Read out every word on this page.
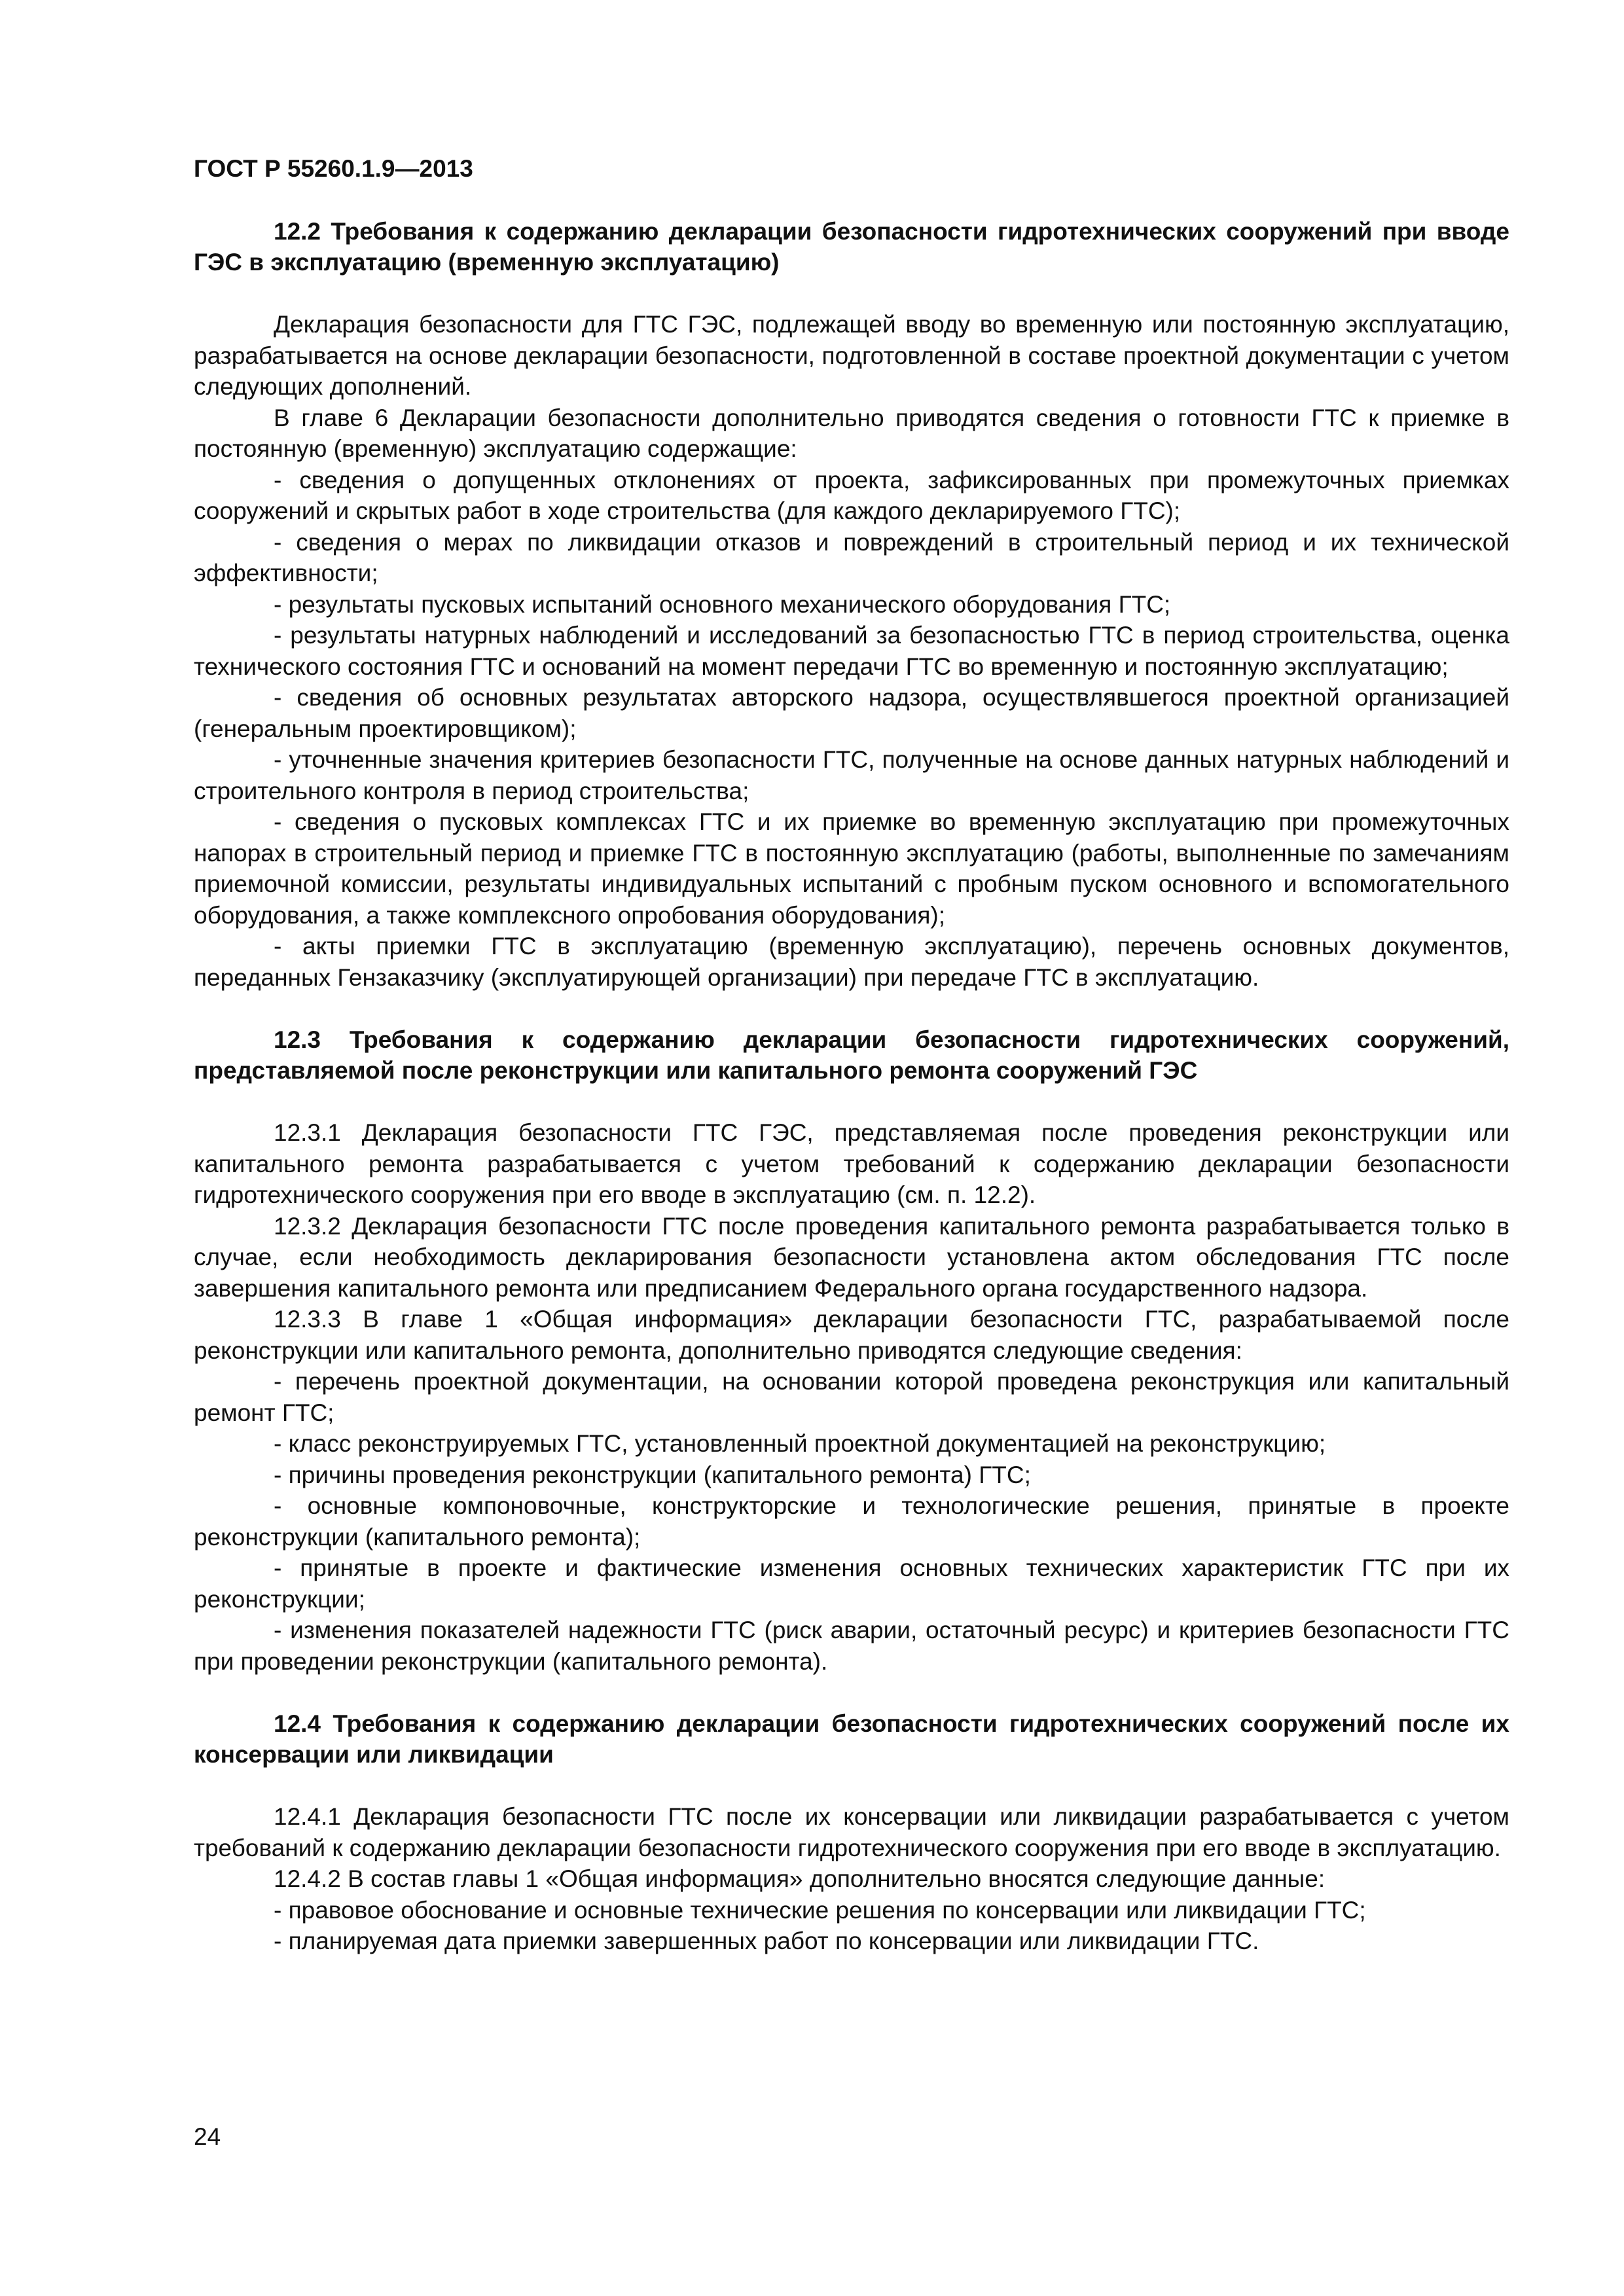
ГОСТ Р 55260.1.9—2013

12.2 Требования к содержанию декларации безопасности гидротехнических сооружений при вводе ГЭС в эксплуатацию (временную эксплуатацию)

Декларация безопасности для ГТС ГЭС, подлежащей вводу во временную или постоянную эксплуатацию, разрабатывается на основе декларации безопасности, подготовленной в составе проектной документации с учетом следующих дополнений.

В главе 6 Декларации безопасности дополнительно приводятся сведения о готовности ГТС к приемке в постоянную (временную) эксплуатацию содержащие:

- сведения о допущенных отклонениях от проекта, зафиксированных при промежуточных приемках сооружений и скрытых работ в ходе строительства (для каждого декларируемого ГТС);

- сведения о мерах по ликвидации отказов и повреждений в строительный период и их техническ​ой эффективности;

- результаты пусковых испытаний основного механического оборудования ГТС;

- результаты натурных наблюдений и исследований за безопасностью ГТС в период строительства, оценка технического состояния ГТС и оснований на момент передачи ГТС во временную и постоянную эксплуатацию;

- сведения об основных результатах авторского надзора, осуществлявшегося проектной организацией (генеральным проектировщиком);

- уточненные значения критериев безопасности ГТС, полученные на основе данных натурных наблюдений и строительного контроля в период строительства;

- сведения о пусковых комплексах ГТС и их приемке во временную эксплуатацию при промежуточных напорах в строительный период и приемке ГТС в постоянную эксплуатацию (работы, выполненные по замечаниям приемочной комиссии, результаты индивидуальных испытаний с пробным пуском основного и вспомогательного оборудования, а также комплексного опробования оборудования);

- акты приемки ГТС в эксплуатацию (временную эксплуатацию), перечень основных документов, переданных Гензаказчику (эксплуатирующей организации) при передаче ГТС в эксплуатацию.

12.3 Требования к содержанию декларации безопасности гидротехнических сооружений, представляемой после реконструкции или капитального ремонта сооружений ГЭС

12.3.1 Декларация безопасности ГТС ГЭС, представляемая после проведения реконструкции или капитального ремонта разрабатывается с учетом требований к содержанию декларации безопасности гидротехнического сооружения при его вводе в эксплуатацию (см. п. 12.2).

12.3.2 Декларация безопасности ГТС после проведения капитального ремонта разрабатывается только в случае, если необходимость декларирования безопасности установлена актом обследования ГТС после завершения капитального ремонта или предписанием Федерального органа государственного надзора.

12.3.3 В главе 1 «Общая информация» декларации безопасности ГТС, разрабатываемой после реконструкции или капитального ремонта, дополнительно приводятся следующие сведения:

- перечень проектной документации, на основании которой проведена реконструкция или капитальный ремонт ГТС;

- класс реконструируемых ГТС, установленный проектной документацией на реконструкцию;

- причины проведения реконструкции (капитального ремонта) ГТС;

- основные компоновочные, конструкторские и технологические решения, принятые в проекте реконструкции (капитального ремонта);

- принятые в проекте и фактические изменения основных технических характеристик ГТС при их реконструкции;

- изменения показателей надежности ГТС (риск аварии, остаточный ресурс) и критериев безопасности ГТС при проведении реконструкции (капитального ремонта).

12.4 Требования к содержанию декларации безопасности гидротехнических сооружений после их консервации или ликвидации

12.4.1 Декларация безопасности ГТС после их консервации или ликвидации разрабатывается с учетом требований к содержанию декларации безопасности гидротехнического сооружения при его вводе в эксплуатацию.

12.4.2 В состав главы 1 «Общая информация» дополнительно вносятся следующие данные:

- правовое обоснование и основные технические решения по консервации или ликвидации ГТС;

- планируемая дата приемки завершенных работ по консервации или ликвидации ГТС.

24
